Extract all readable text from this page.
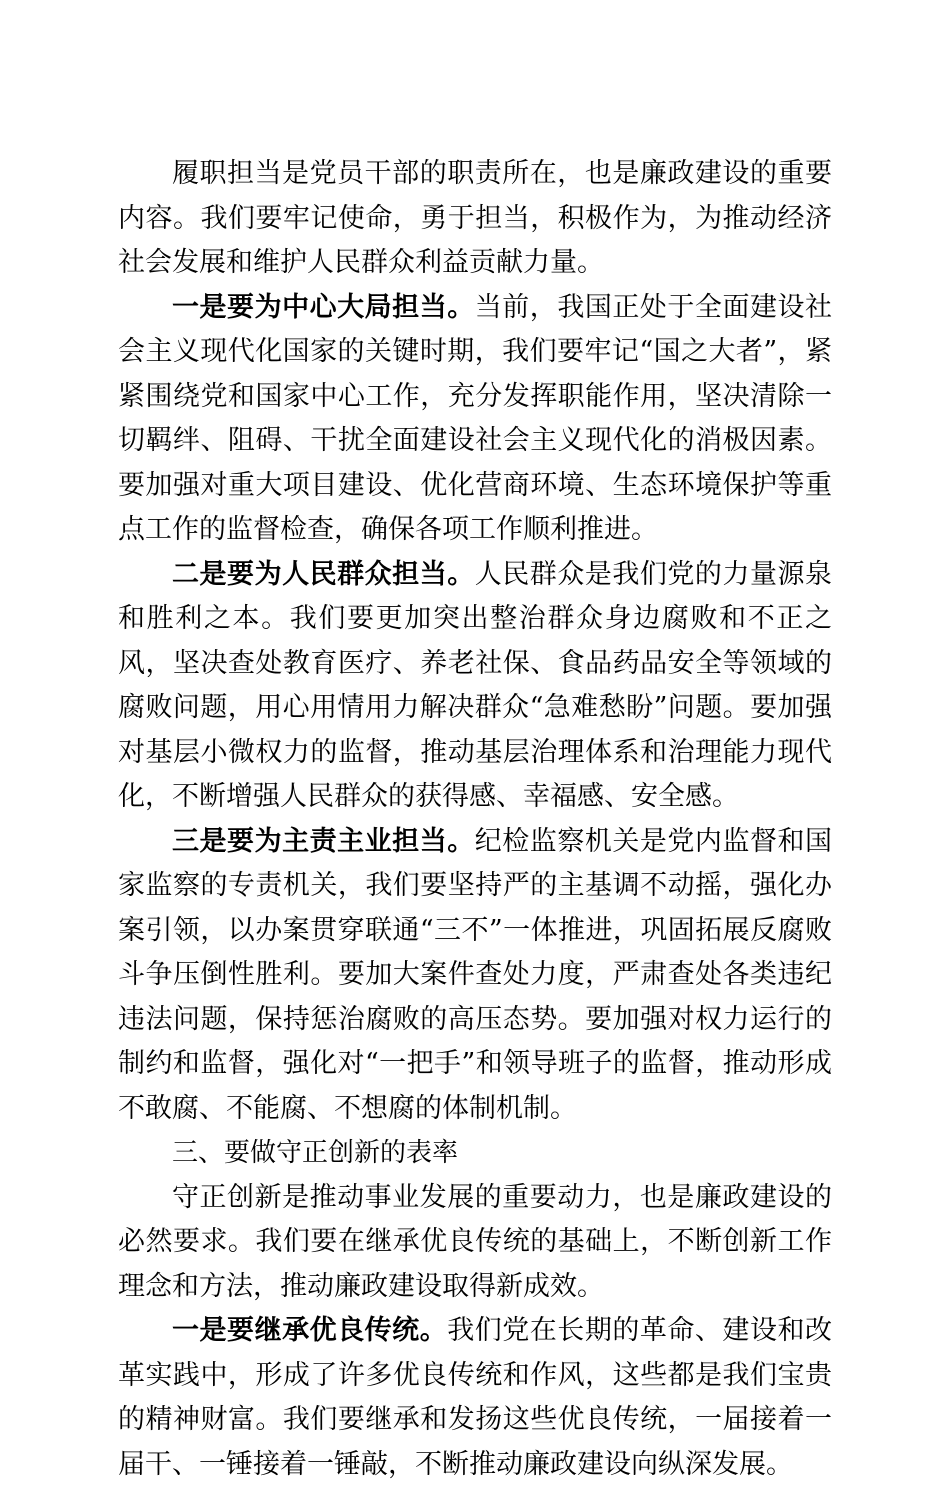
履职担当是党员干部的职责所在，也是廉政建设的重要内容。我们要牢记使命，勇于担当，积极作为，为推动经济社会发展和维护人民群众利益贡献力量。

一是要为中心大局担当。当前，我国正处于全面建设社会主义现代化国家的关键时期，我们要牢记“国之大者”，紧紧围绕党和国家中心工作，充分发挥职能作用，坚决清除一切羁绊、阻碍、干扰全面建设社会主义现代化的消极因素。要加强对重大项目建设、优化营商环境、生态环境保护等重点工作的监督检查，确保各项工作顺利推进。

二是要为人民群众担当。人民群众是我们党的力量源泉和胜利之本。我们要更加突出整治群众身边腐败和不正之风，坚决查处教育医疗、养老社保、食品药品安全等领域的腐败问题，用心用情用力解决群众“急难愁盼”问题。要加强对基层小微权力的监督，推动基层治理体系和治理能力现代化，不断增强人民群众的获得感、幸福感、安全感。

三是要为主责主业担当。纪检监察机关是党内监督和国家监察的专责机关，我们要坚持严的主基调不动摇，强化办案引领，以办案贯穿联通“三不”一体推进，巩固拓展反腐败斗争压倒性胜利。要加大案件查处力度，严肃查处各类违纪违法问题，保持惩治腐败的高压态势。要加强对权力运行的制约和监督，强化对“一把手”和领导班子的监督，推动形成不敢腐、不能腐、不想腐的体制机制。

三、要做守正创新的表率

守正创新是推动事业发展的重要动力，也是廉政建设的必然要求。我们要在继承优良传统的基础上，不断创新工作理念和方法，推动廉政建设取得新成效。

一是要继承优良传统。我们党在长期的革命、建设和改革实践中，形成了许多优良传统和作风，这些都是我们宝贵的精神财富。我们要继承和发扬这些优良传统，一届接着一届干、一锤接着一锤敲，不断推动廉政建设向纵深发展。
